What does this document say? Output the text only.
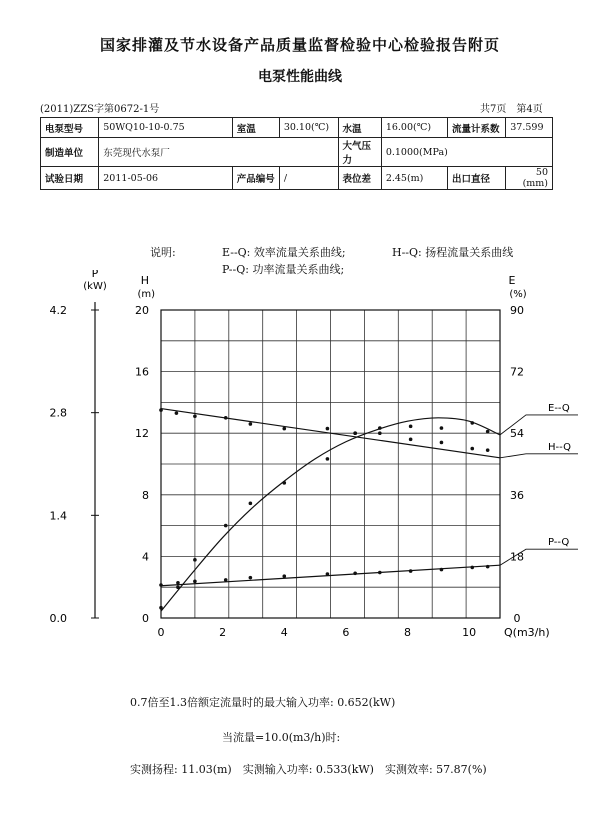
国家排灌及节水设备产品质量监督检验中心检验报告附页
电泵性能曲线
(2011)ZZS字第0672-1号	共7页　第4页
电泵型号	50WQ10-10-0.75	室温	30.10(℃)	水温	16.00(℃)	流量计系数	37.599
制造单位	东莞现代水泵厂			大气压力	0.1000(MPa)		
试验日期	2011-05-06	产品编号	/	表位差	2.45(m)	出口直径	50 (mm)
说明:	E--Q: 效率流量关系曲线;	H--Q: 扬程流量关系曲线
P--Q: 功率流量关系曲线;
0	2	4	6	8	10	Q(m3/h)
0
4
8
12
16
20
H
(m)
0
18
36
54
72
90
E
(%)
0.0
1.4
2.8
4.2
P
(kW)
H--Q
E--Q
P--Q
0.7倍至1.3倍额定流量时的最大输入功率: 0.652(kW)
当流量=10.0(m3/h)时:
实测扬程: 11.03(m)　实测输入功率: 0.533(kW)　实测效率: 57.87(%)
